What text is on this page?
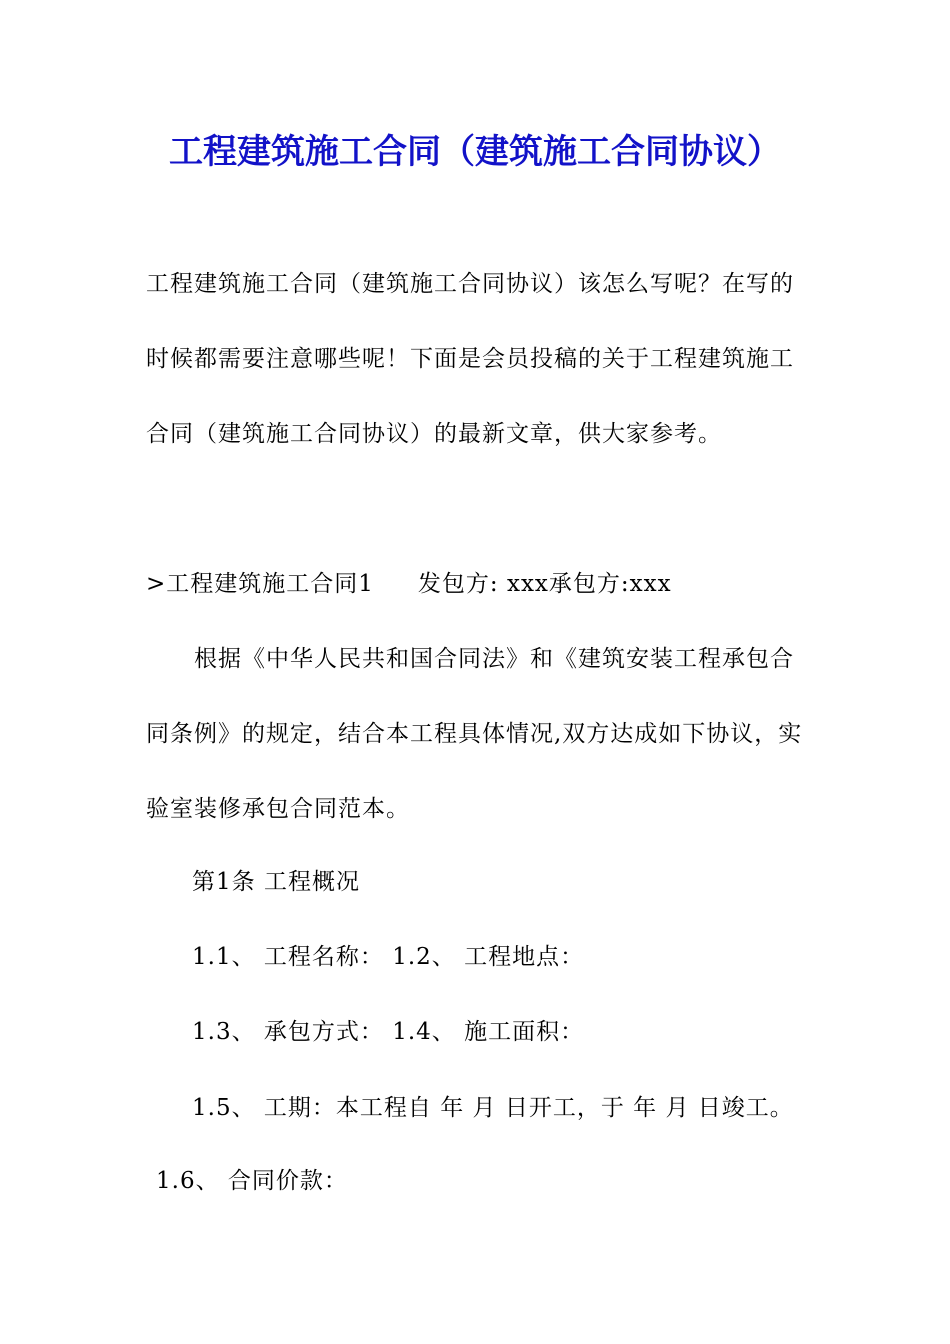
工程建筑施工合同（建筑施工合同协议）
工程建筑施工合同（建筑施工合同协议）该怎么写呢？在写的
时候都需要注意哪些呢！下面是会员投稿的关于工程建筑施工
合同（建筑施工合同协议）的最新文章，供大家参考。
>工程建筑施工合同1 发包方: xxx承包方:xxx
根据《中华人民共和国合同法》和《建筑安装工程承包合
同条例》的规定，结合本工程具体情况,双方达成如下协议，实
验室装修承包合同范本。
第1条 工程概况
1.1、 工程名称： 1.2、 工程地点：
1.3、 承包方式： 1.4、 施工面积：
1.5、 工期：本工程自 年 月 日开工，于 年 月 日竣工。
1.6、 合同价款：
